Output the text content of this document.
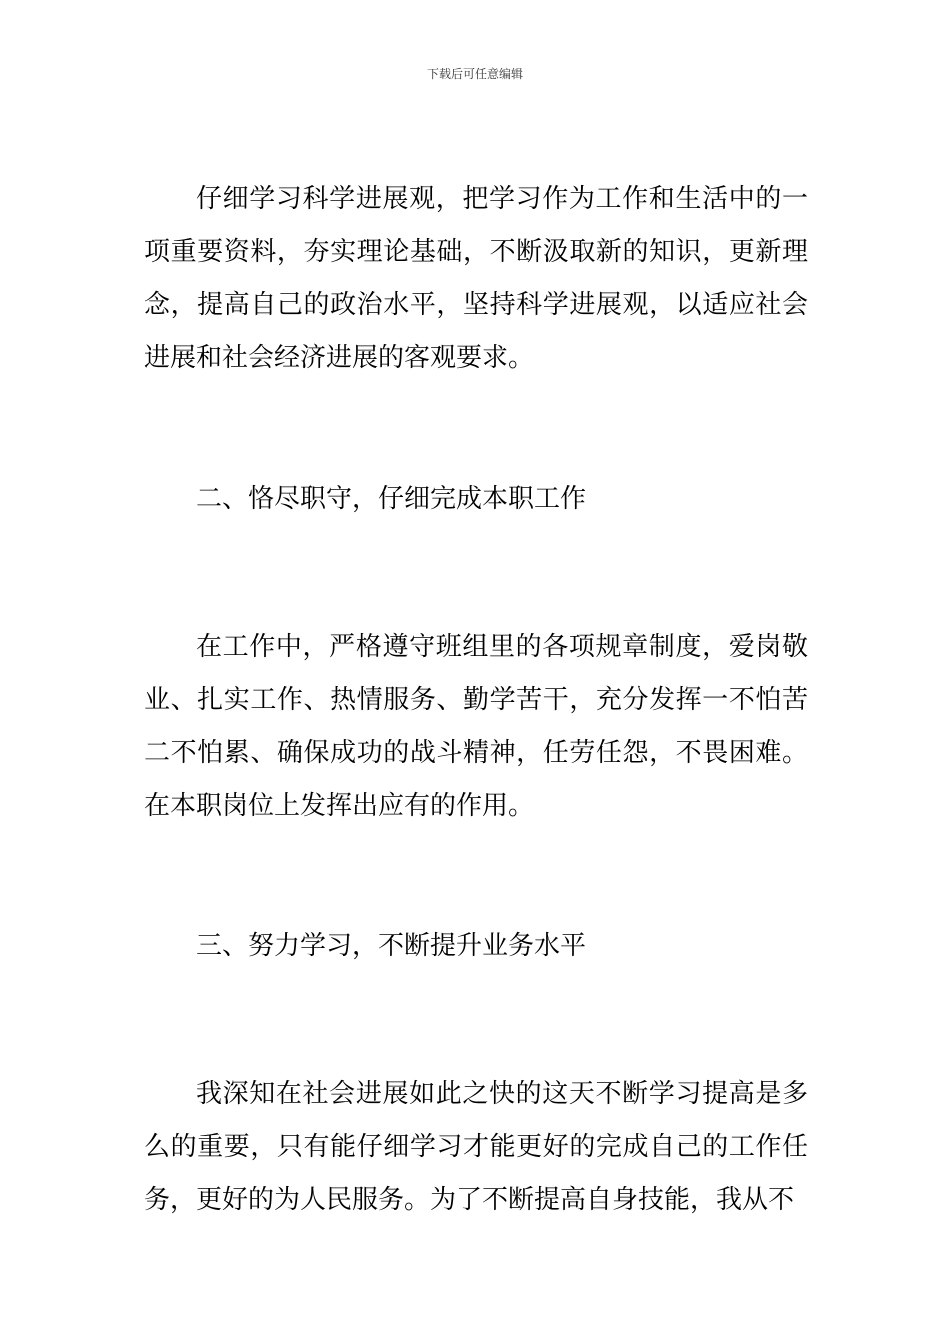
下载后可任意编辑
仔细学习科学进展观，把学习作为工作和生活中的一项重要资料，夯实理论基础，不断汲取新的知识，更新理念，提高自己的政治水平，坚持科学进展观，以适应社会进展和社会经济进展的客观要求。
二、恪尽职守，仔细完成本职工作
在工作中，严格遵守班组里的各项规章制度，爱岗敬业、扎实工作、热情服务、勤学苦干，充分发挥一不怕苦二不怕累、确保成功的战斗精神，任劳任怨，不畏困难。在本职岗位上发挥出应有的作用。
三、努力学习，不断提升业务水平
我深知在社会进展如此之快的这天不断学习提高是多么的重要，只有能仔细学习才能更好的完成自己的工作任务，更好的为人民服务。为了不断提高自身技能，我从不
